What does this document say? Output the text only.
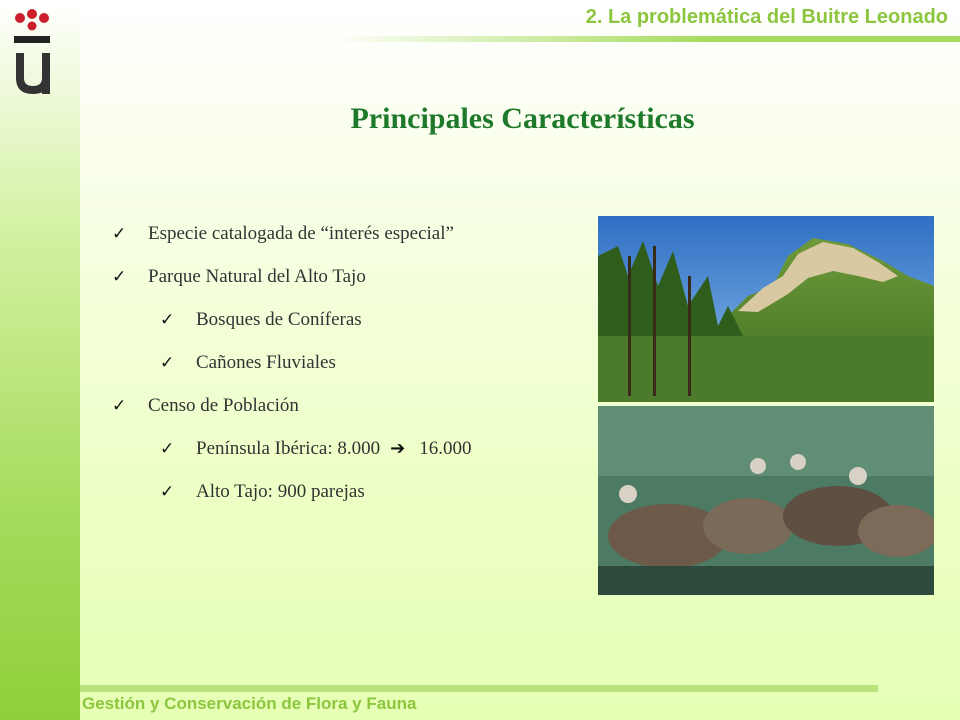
2. La problemática del Buitre Leonado
Principales Características
✓ Especie catalogada de “interés especial”
✓ Parque Natural del Alto Tajo
✓ Bosques de Coníferas
✓ Cañones Fluviales
✓ Censo de Población
✓ Península Ibérica: 8.000 ➔ 16.000
✓ Alto Tajo: 900 parejas
Gestión y Conservación de Flora y Fauna
